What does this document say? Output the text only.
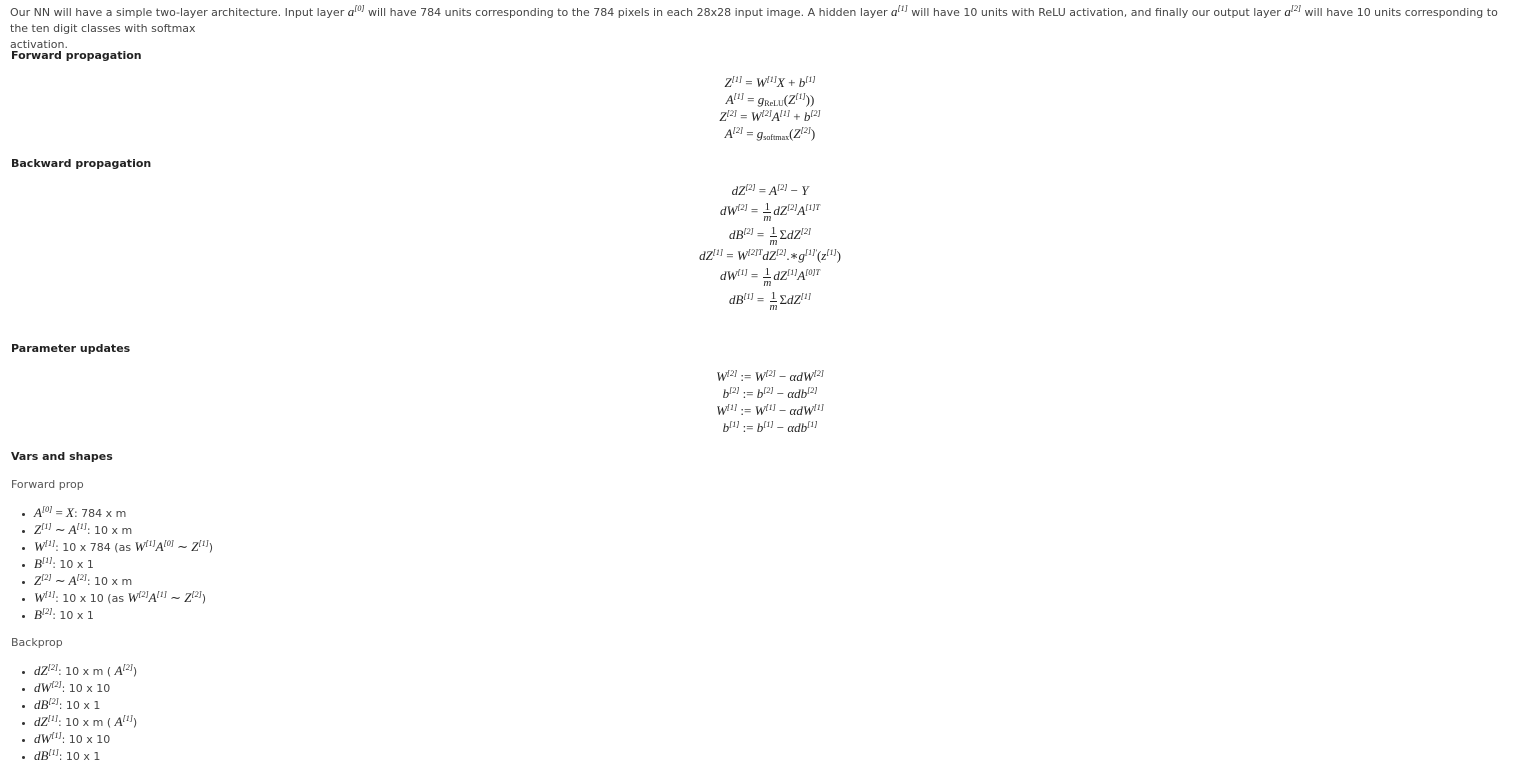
Our NN will have a simple two-layer architecture. Input layer a[0] will have 784 units corresponding to the 784 pixels in each 28x28 input image. A hidden layer a[1] will have 10 units with ReLU activation, and finally our output layer a[2] will have 10 units corresponding to the ten digit classes with softmax
activation.
Forward propagation
Z[1] = W[1]X + b[1]
$A[1] = g_{ReLU}(Z[1])$)
Z[2] = W[2]A[1] + b[2]
$A[2] = g_{softmax}(Z[2])$
Backward propagation
dZ[2] = A[2] − Y
$dW[2] = \frac{1}{m} dZ[2]A^{[1]T}$
$dB[2] = \frac{1}{m} \Sigma dZ[2]$
$dZ[1] = W^{[2]T}dZ[2].∗g^{[1]'}(z[1])$
$dW[1] = \frac{1}{m} dZ[1]A^{[0]T}$
$dB[1] = \frac{1}{m} \Sigma dZ[1]$
Parameter updates
W[2] := W[2] − αdW[2]
b[2] := b[2] − αdb[2]
W[1] := W[1] − αdW[1]
b[1] := b[1] − αdb[1]
Vars and shapes
Forward prop
• A[0] = X: 784 x m
• Z[1] ∼ A[1]: 10 x m
• W[1]: 10 x 784 (as W[1]A[0] ∼ Z[1])
• B[1]: 10 x 1
• Z[2] ∼ A[2]: 10 x m
• W[1]: 10 x 10 (as W[2]A[1] ∼ Z[2])
• B[2]: 10 x 1
Backprop
• dZ[2]: 10 x m ( A[2])
• dW[2]: 10 x 10
• dB[2]: 10 x 1
• dZ[1]: 10 x m ( A[1])
• dW[1]: 10 x 10
• dB[1]: 10 x 1
